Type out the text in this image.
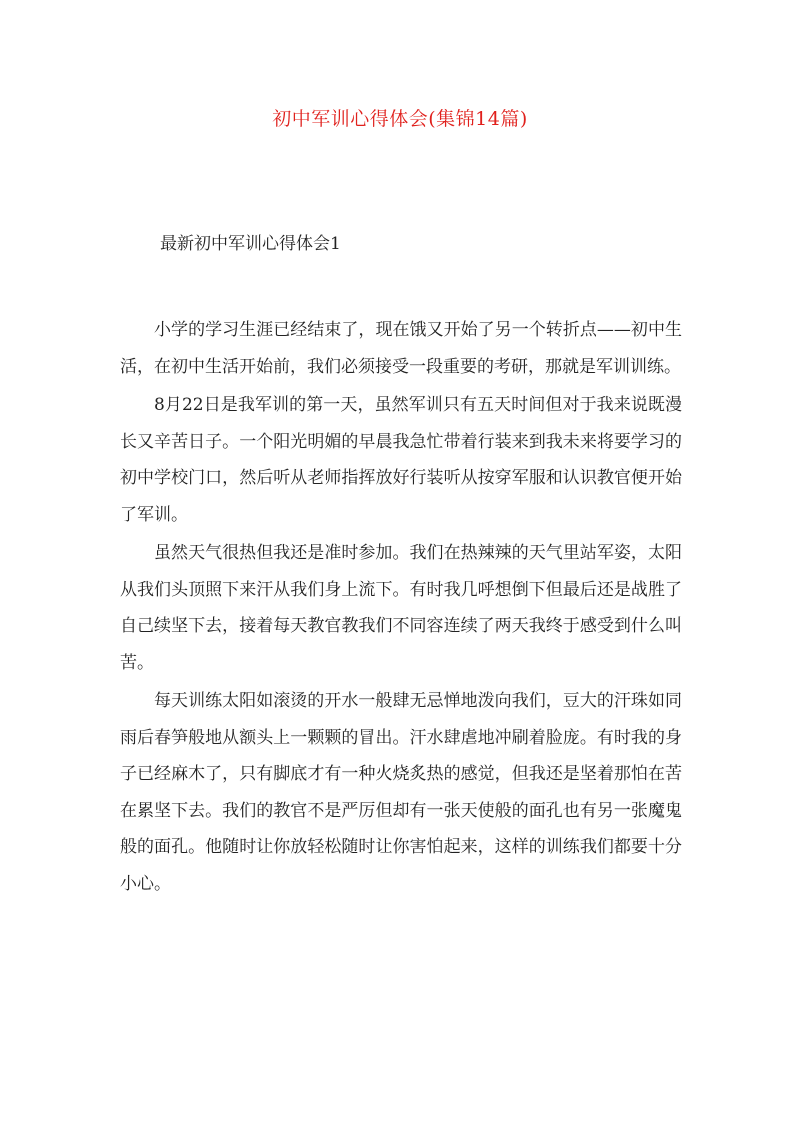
初中军训心得体会(集锦14篇)
最新初中军训心得体会1

小学的学习生涯已经结束了，现在饿又开始了另一个转折点——初中生活，在初中生活开始前，我们必须接受一段重要的考研，那就是军训训练。

8月22日是我军训的第一天，虽然军训只有五天时间但对于我来说既漫长又辛苦日子。一个阳光明媚的早晨我急忙带着行装来到我未来将要学习的初中学校门口，然后听从老师指挥放好行装听从按穿军服和认识教官便开始了军训。

虽然天气很热但我还是准时参加。我们在热辣辣的天气里站军姿，太阳从我们头顶照下来汗从我们身上流下。有时我几呼想倒下但最后还是战胜了自己续坚下去，接着每天教官教我们不同容连续了两天我终于感受到什么叫苦。

每天训练太阳如滚烫的开水一般肆无忌惮地泼向我们，豆大的汗珠如同雨后春笋般地从额头上一颗颗的冒出。汗水肆虐地冲刷着脸庞。有时我的身子已经麻木了，只有脚底才有一种火烧炙热的感觉，但我还是坚着那怕在苦在累坚下去。我们的教官不是严厉但却有一张天使般的面孔也有另一张魔鬼般的面孔。他随时让你放轻松随时让你害怕起来，这样的训练我们都要十分小心。
